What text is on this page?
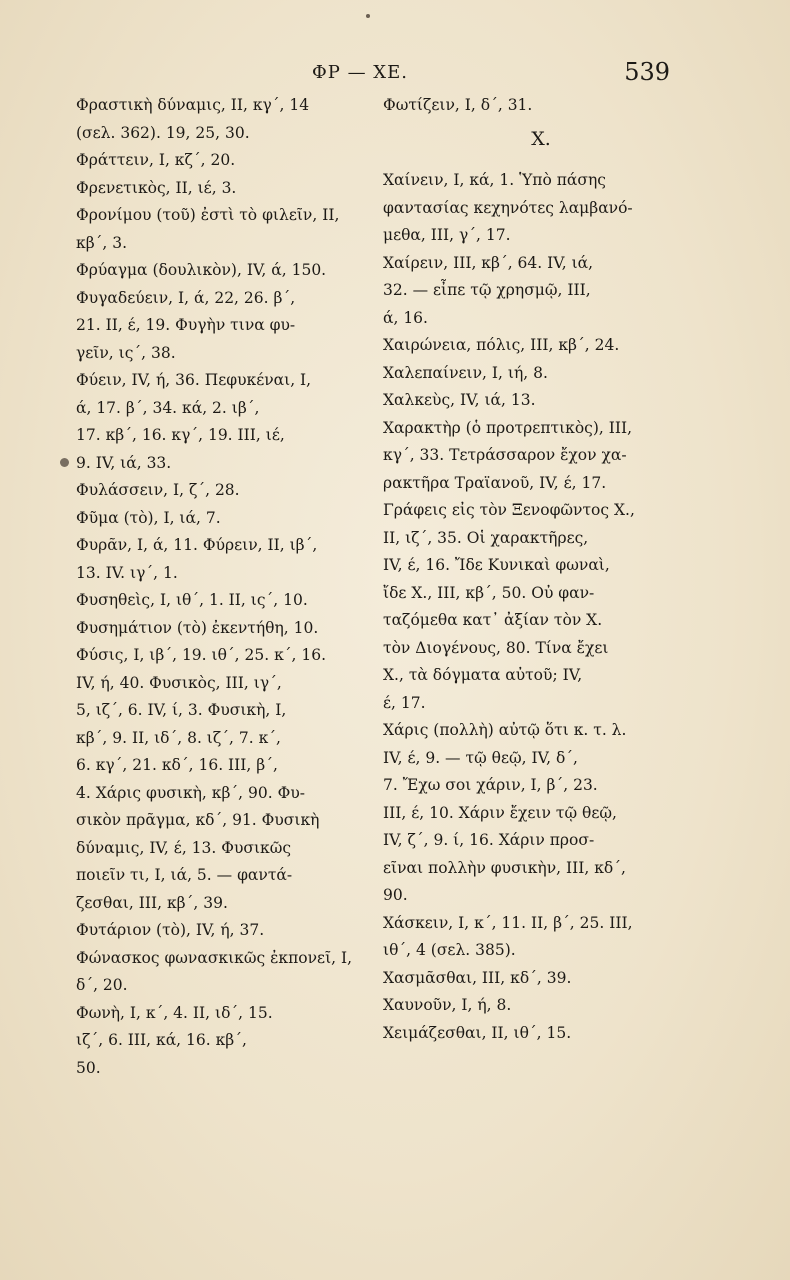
ΦΡ — ΧΕ.	539
Φραστικὴ δύναμις, II, κγ΄, 14
(σελ. 362). 19, 25, 30.
Φράττειν, I, κζ΄, 20.
Φρενετικὸς, II, ιέ, 3.
Φρονίμου (τοῦ) ἐστὶ τὸ φιλεῖν, II,
κβ΄, 3.
Φρύαγμα (δουλικὸν), IV, ά, 150.
Φυγαδεύειν, I, ά, 22, 26. β΄,
21. II, έ, 19. Φυγὴν τινα φυ-
γεῖν, ις΄, 38.
Φύειν, IV, ή, 36. Πεφυκέναι, I,
ά, 17. β΄, 34. κά, 2. ιβ΄,
17. κβ΄, 16. κγ΄, 19. III, ιέ,
9. IV, ιά, 33.
Φυλάσσειν, I, ζ΄, 28.
Φῦμα (τὸ), I, ιά, 7.
Φυρᾶν, I, ά, 11. Φύρειν, II, ιβ΄,
13. IV. ιγ΄, 1.
Φυσηθεὶς, I, ιθ΄, 1. II, ις΄, 10.
Φυσημάτιον (τὸ) ἐκεντήθη, 10.
Φύσις, I, ιβ΄, 19. ιθ΄, 25. κ΄, 16.
IV, ή, 40. Φυσικὸς, III, ιγ΄,
5, ιζ΄, 6. IV, ί, 3. Φυσικὴ, I,
κβ΄, 9. II, ιδ΄, 8. ιζ΄, 7. κ΄,
6. κγ΄, 21. κδ΄, 16. III, β΄,
4. Χάρις φυσικὴ, κβ΄, 90. Φυ-
σικὸν πρᾶγμα, κδ΄, 91. Φυσικὴ
δύναμις, IV, έ, 13. Φυσικῶς
ποιεῖν τι, I, ιά, 5. — φαντά-
ζεσθαι, III, κβ΄, 39.
Φυτάριον (τὸ), IV, ή, 37.
Φώνασκος φωνασκικῶς ἐκπονεῖ, I,
δ΄, 20.
Φωνὴ, I, κ΄, 4. II, ιδ΄, 15.
ιζ΄, 6. III, κά, 16. κβ΄,
50.
Φωτίζειν, I, δ΄, 31.
Χ.
Χαίνειν, I, κά, 1. Ὑπὸ πάσης
φαντασίας κεχηνότες λαμβανό-
μεθα, III, γ΄, 17.
Χαίρειν, III, κβ΄, 64. IV, ιά,
32. — εἶπε τῷ χρησμῷ, III,
ά, 16.
Χαιρώνεια, πόλις, III, κβ΄, 24.
Χαλεπαίνειν, I, ιή, 8.
Χαλκεὺς, IV, ιά, 13.
Χαρακτὴρ (ὁ προτρεπτικὸς), III,
κγ΄, 33. Τετράσσαρον ἔχον χα-
ρακτῆρα Τραϊανοῦ, IV, έ, 17.
Γράφεις εἰς τὸν Ξενοφῶντος Χ.,
II, ιζ΄, 35. Οἱ χαρακτῆρες,
IV, έ, 16. Ἴδε Κυνικαὶ φωναὶ,
ἴδε Χ., III, κβ΄, 50. Οὐ φαν-
ταζόμεθα κατ᾽ ἀξίαν τὸν Χ.
τὸν Διογένους, 80. Τίνα ἔχει
Χ., τὰ δόγματα αὐτοῦ; IV,
έ, 17.
Χάρις (πολλὴ) αὐτῷ ὅτι κ. τ. λ.
IV, έ, 9. — τῷ θεῷ, IV, δ΄,
7. Ἔχω σοι χάριν, I, β΄, 23.
III, έ, 10. Χάριν ἔχειν τῷ θεῷ,
IV, ζ΄, 9. ί, 16. Χάριν προσ-
εῖναι πολλὴν φυσικὴν, III, κδ΄,
90.
Χάσκειν, I, κ΄, 11. II, β΄, 25. III,
ιθ΄, 4 (σελ. 385).
Χασμᾶσθαι, III, κδ΄, 39.
Χαυνοῦν, I, ή, 8.
Χειμάζεσθαι, II, ιθ΄, 15.
